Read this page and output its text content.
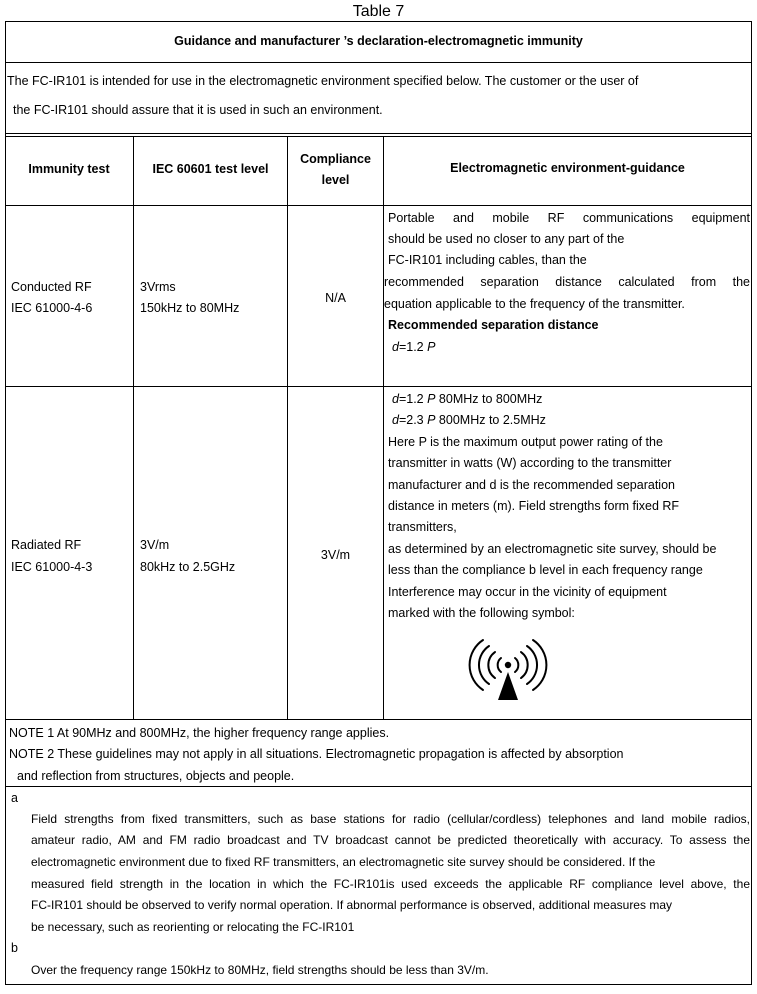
Table 7
Guidance and manufacturer ’s declaration-electromagnetic immunity
The FC-IR101 is intended for use in the electromagnetic environment specified below. The customer or the user of
the FC-IR101 should assure that it is used in such an environment.
Immunity test	IEC 60601 test level
Compliance
level
Electromagnetic environment-guidance
Conducted RF
IEC 61000-4-6
3Vrms
150kHz to 80MHz
N/A
Portable and mobile RF communications equipment
should be used no closer to any part of the
FC-IR101 including cables, than the
recommended separation distance calculated from the
equation applicable to the frequency of the transmitter.
Recommended separation distance
d=1.2 P
Radiated RF
IEC 61000-4-3
3V/m
80kHz to 2.5GHz
3V/m
d=1.2 P 80MHz to 800MHz
d=2.3 P 800MHz to 2.5MHz
Here P is the maximum output power rating of the
transmitter in watts (W) according to the transmitter
manufacturer and d is the recommended separation
distance in meters (m). Field strengths form fixed RF
transmitters,
as determined by an electromagnetic site survey, should be
less than the compliance b level in each frequency range
Interference may occur in the vicinity of equipment
marked with the following symbol:
NOTE 1 At 90MHz and 800MHz, the higher frequency range applies.
NOTE 2 These guidelines may not apply in all situations. Electromagnetic propagation is affected by absorption
and reflection from structures, objects and people.
a
Field strengths from fixed transmitters, such as base stations for radio (cellular/cordless) telephones and land mobile radios,
amateur radio, AM and FM radio broadcast and TV broadcast cannot be predicted theoretically with accuracy. To assess the
electromagnetic environment due to fixed RF transmitters, an electromagnetic site survey should be considered. If the
measured field strength in the location in which the FC-IR101is used exceeds the applicable RF compliance level above, the
FC-IR101 should be observed to verify normal operation. If abnormal performance is observed, additional measures may
be necessary, such as reorienting or relocating the FC-IR101
b
Over the frequency range 150kHz to 80MHz, field strengths should be less than 3V/m.
